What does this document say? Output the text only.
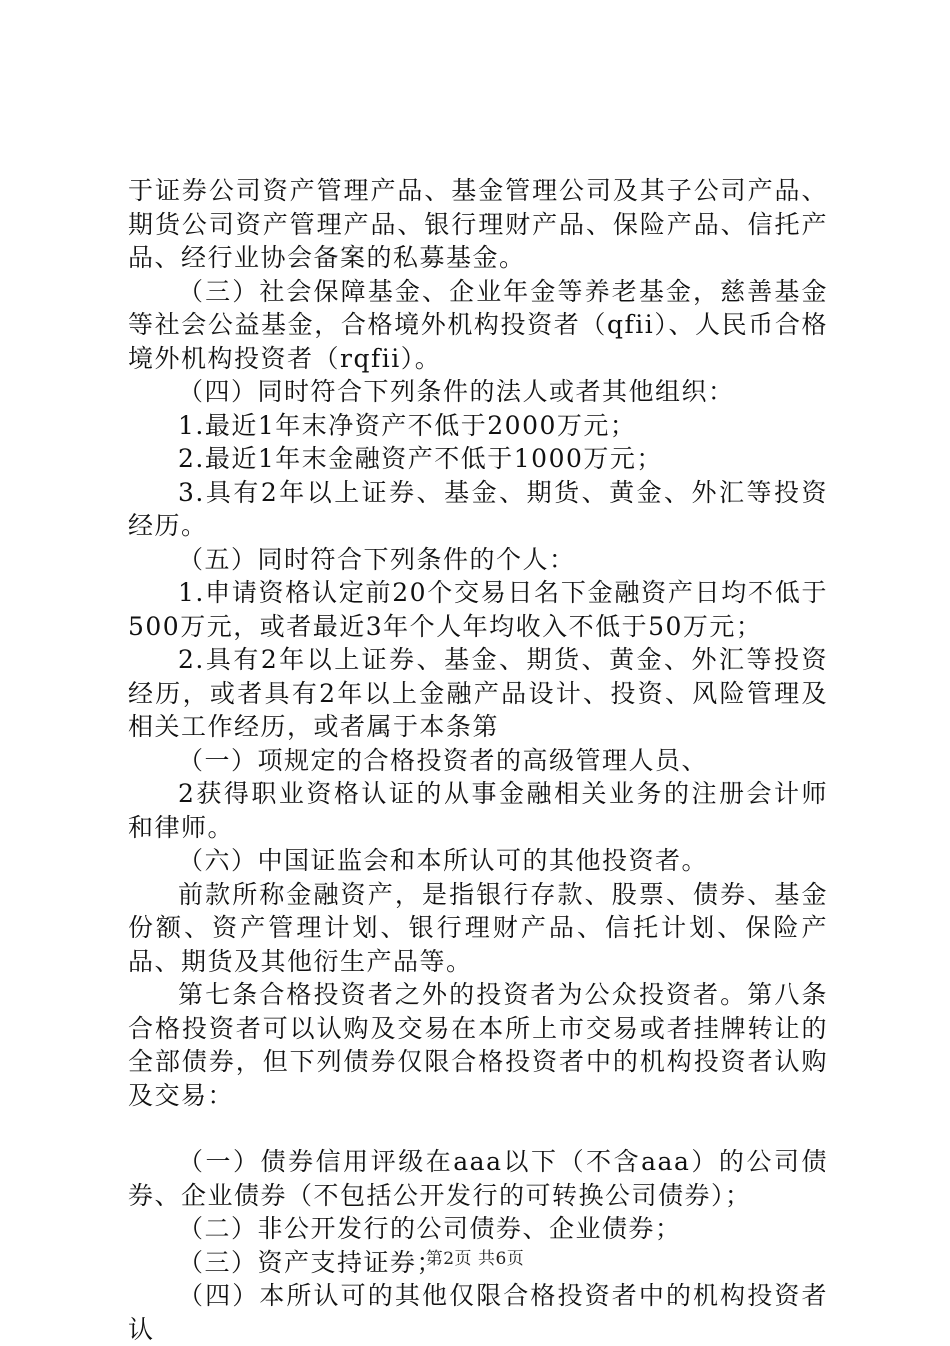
于证券公司资产管理产品、基金管理公司及其子公司产品、期货公司资产管理产品、银行理财产品、保险产品、信托产品、经行业协会备案的私募基金。

（三）社会保障基金、企业年金等养老基金，慈善基金等社会公益基金，合格境外机构投资者（qfii）、人民币合格境外机构投资者（rqfii）。

（四）同时符合下列条件的法人或者其他组织：

1.最近1年末净资产不低于2000万元；

2.最近1年末金融资产不低于1000万元；

3.具有2年以上证券、基金、期货、黄金、外汇等投资经历。

（五）同时符合下列条件的个人：

1.申请资格认定前20个交易日名下金融资产日均不低于500万元，或者最近3年个人年均收入不低于50万元；

2.具有2年以上证券、基金、期货、黄金、外汇等投资经历，或者具有2年以上金融产品设计、投资、风险管理及相关工作经历，或者属于本条第

（一）项规定的合格投资者的高级管理人员、

2获得职业资格认证的从事金融相关业务的注册会计师和律师。

（六）中国证监会和本所认可的其他投资者。

前款所称金融资产，是指银行存款、股票、债券、基金份额、资产管理计划、银行理财产品、信托计划、保险产品、期货及其他衍生产品等。

第七条合格投资者之外的投资者为公众投资者。第八条合格投资者可以认购及交易在本所上市交易或者挂牌转让的全部债券，但下列债券仅限合格投资者中的机构投资者认购及交易：

（一）债券信用评级在aaa以下（不含aaa）的公司债券、企业债券（不包括公开发行的可转换公司债券）；

（二）非公开发行的公司债券、企业债券；

（三）资产支持证券；

（四）本所认可的其他仅限合格投资者中的机构投资者认

第2页 共6页
